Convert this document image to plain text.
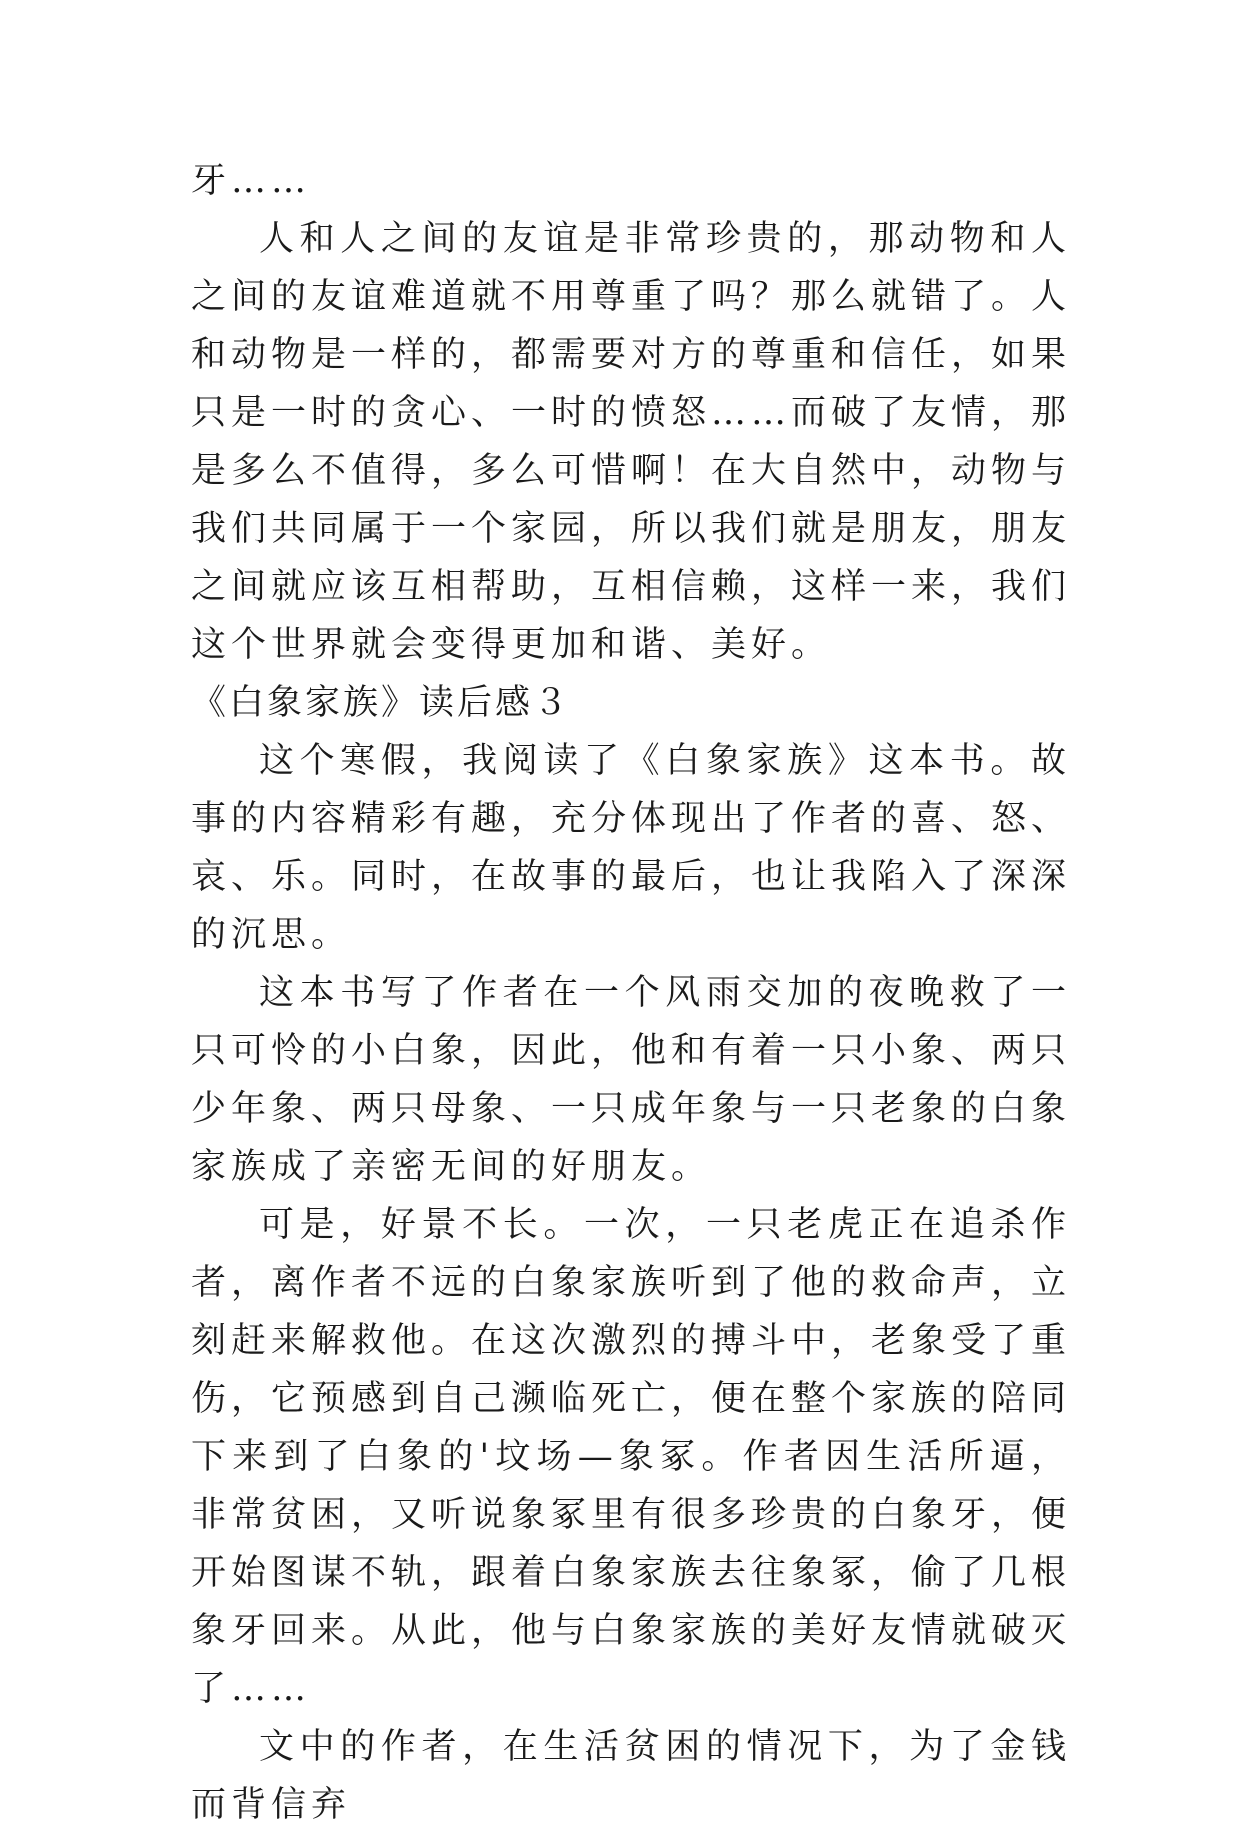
牙……

人和人之间的友谊是非常珍贵的，那动物和人之间的友谊难道就不用尊重了吗？那么就错了。人和动物是一样的，都需要对方的尊重和信任，如果只是一时的贪心、一时的愤怒……而破了友情，那是多么不值得，多么可惜啊！在大自然中，动物与我们共同属于一个家园，所以我们就是朋友，朋友之间就应该互相帮助，互相信赖，这样一来，我们这个世界就会变得更加和谐、美好。

《白象家族》读后感３

这个寒假，我阅读了《白象家族》这本书。故事的内容精彩有趣，充分体现出了作者的喜、怒、哀、乐。同时，在故事的最后，也让我陷入了深深的沉思。

这本书写了作者在一个风雨交加的夜晚救了一只可怜的小白象，因此，他和有着一只小象、两只少年象、两只母象、一只成年象与一只老象的白象家族成了亲密无间的好朋友。

可是，好景不长。一次，一只老虎正在追杀作者，离作者不远的白象家族听到了他的救命声，立刻赶来解救他。在这次激烈的搏斗中，老象受了重伤，它预感到自己濒临死亡，便在整个家族的陪同下来到了白象的'坟场—象冢。作者因生活所逼，非常贫困，又听说象冢里有很多珍贵的白象牙，便开始图谋不轨，跟着白象家族去往象冢，偷了几根象牙回来。从此，他与白象家族的美好友情就破灭了……

文中的作者，在生活贫困的情况下，为了金钱而背信弃
